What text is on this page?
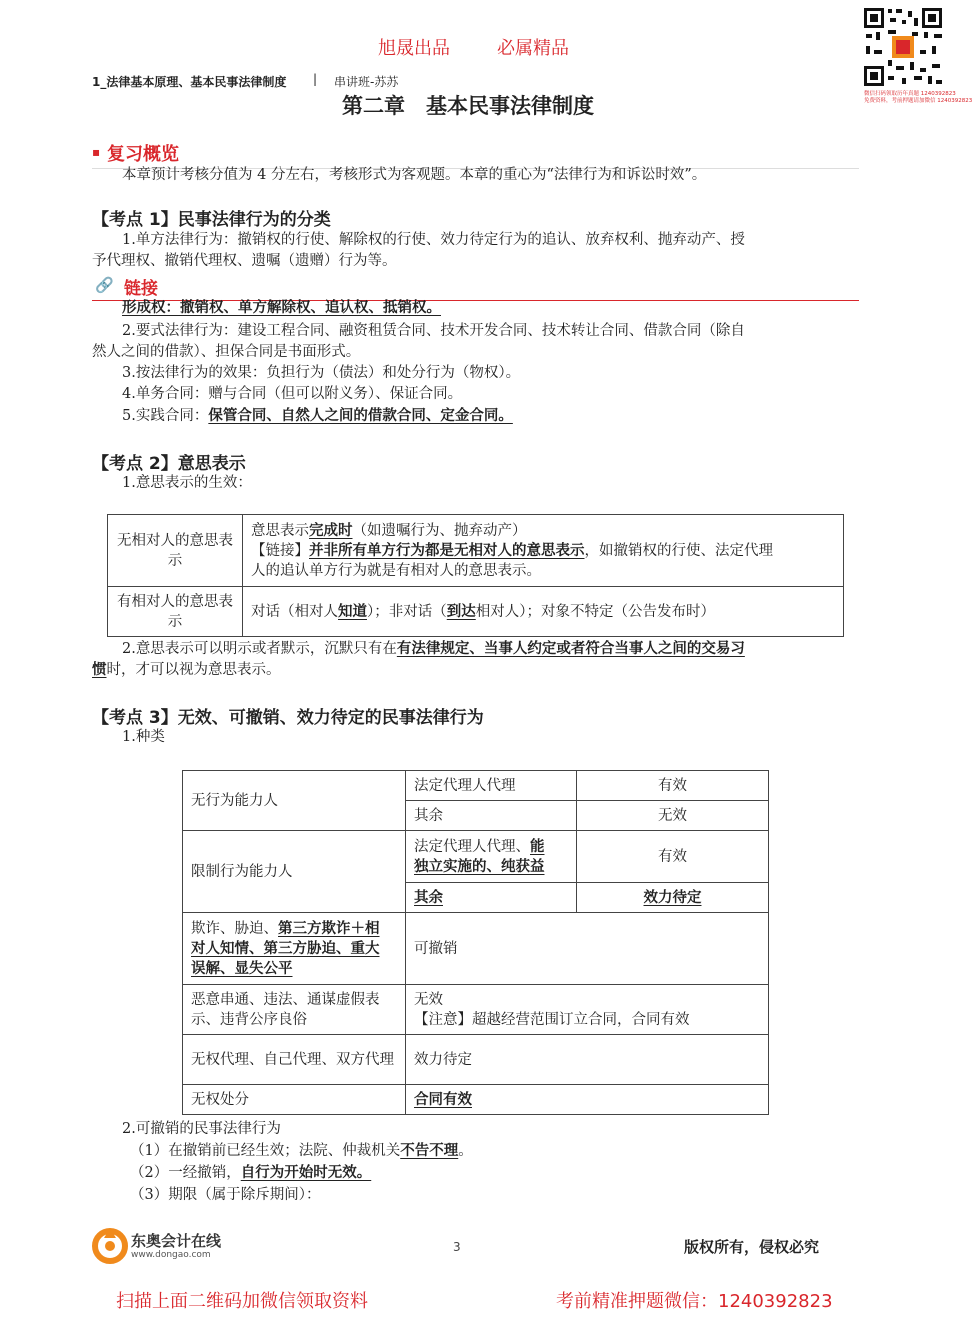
旭晟出品	必属精品
微信扫码领取历年真题 1240392823
免费资料，考前押题请加微信 1240392823
1_法律基本原理、基本民事法律制度 | 串讲班-苏苏
第二章　基本民事法律制度
▪ 复习概览
本章预计考核分值为 4 分左右，考核形式为客观题。本章的重心为“法律行为和诉讼时效”。
【考点 1】民事法律行为的分类
1.单方法律行为：撤销权的行使、解除权的行使、效力待定行为的追认、放弃权利、抛弃动产、授
予代理权、撤销代理权、遗嘱（遗赠）行为等。
🔗 链接
形成权：撤销权、单方解除权、追认权、抵销权。
2.要式法律行为：建设工程合同、融资租赁合同、技术开发合同、技术转让合同、借款合同（除自
然人之间的借款）、担保合同是书面形式。
3.按法律行为的效果：负担行为（债法）和处分行为（物权）。
4.单务合同：赠与合同（但可以附义务）、保证合同。
5.实践合同：保管合同、自然人之间的借款合同、定金合同。
【考点 2】意思表示
1.意思表示的生效：
无相对人的意思表示	意思表示完成时（如遗嘱行为、抛弃动产）
【链接】并非所有单方行为都是无相对人的意思表示，如撤销权的行使、法定代理
人的追认单方行为就是有相对人的意思表示。

有相对人的意思表示	对话（相对人知道）；非对话（到达相对人）；对象不特定（公告发布时）
2.意思表示可以明示或者默示，沉默只有在有法律规定、当事人约定或者符合当事人之间的交易习
惯时，才可以视为意思表示。
【考点 3】无效、可撤销、效力待定的民事法律行为
1.种类
无行为能力人	法定代理人代理	有效
	其余	无效
限制行为能力人	法定代理人代理、能
独立实施的、纯获益	有效
	其余	效力待定
欺诈、胁迫、第三方欺诈＋相
对人知情、第三方胁迫、重大
误解、显失公平	可撤销	
恶意串通、违法、通谋虚假表示、违背公序良俗	无效
【注意】超越经营范围订立合同，合同有效	

无权代理、自己代理、双方代理	效力待定	
无权处分	合同有效	
2.可撤销的民事法律行为
（1）在撤销前已经生效；法院、仲裁机关不告不理。
（2）一经撤销，自行为开始时无效。
（3）期限（属于除斥期间）：
东奥会计在线
www.dongao.com
3	版权所有，侵权必究
扫描上面二维码加微信领取资料	考前精准押题微信：1240392823
